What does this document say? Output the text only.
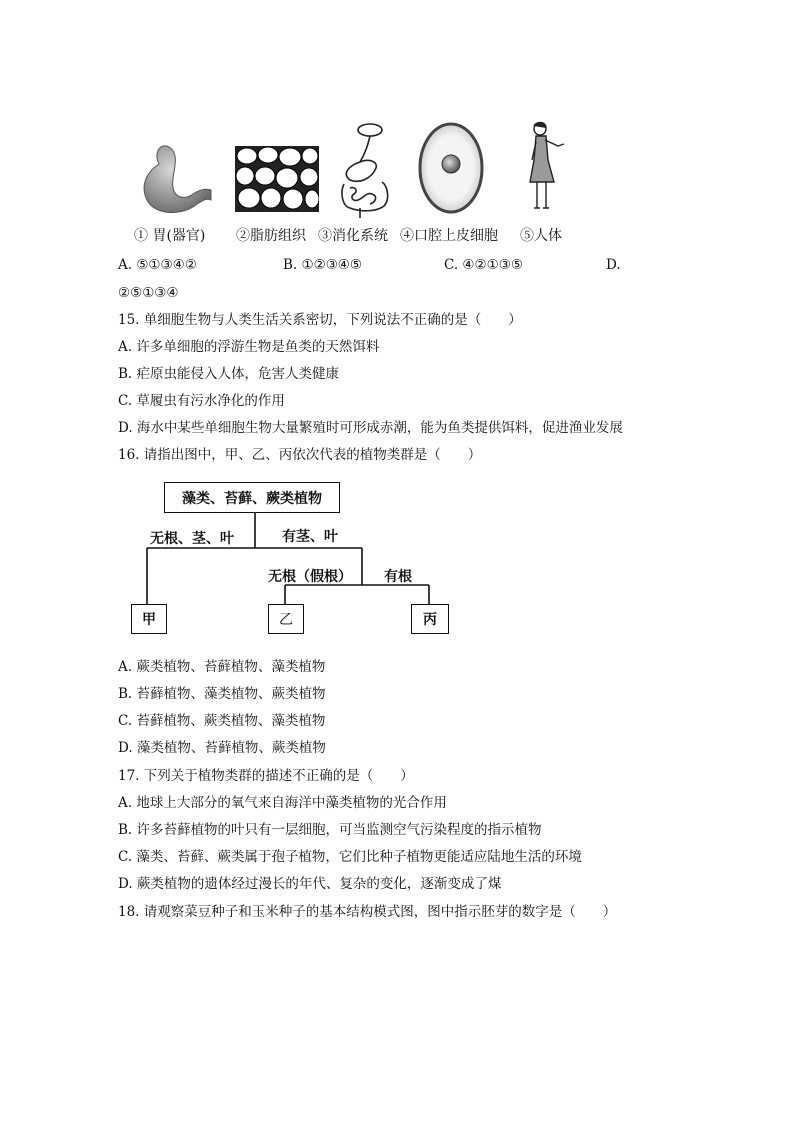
① 胃(器官) ②脂肪组织 ③消化系统 ④口腔上皮细胞 ⑤人体
A. ⑤①③④②	B. ①②③④⑤	C. ④②①③⑤	D.
②⑤①③④
15. 单细胞生物与人类生活关系密切，下列说法不正确的是（　　）
A. 许多单细胞的浮游生物是鱼类的天然饵料
B. 疟原虫能侵入人体，危害人类健康
C. 草履虫有污水净化的作用
D. 海水中某些单细胞生物大量繁殖时可形成赤潮，能为鱼类提供饵料，促进渔业发展
16. 请指出图中，甲、乙、丙依次代表的植物类群是（　　）
藻类、苔藓、蕨类植物
无根、茎、叶	有茎、叶
无根（假根） 有根
甲	乙	丙
A. 蕨类植物、苔藓植物、藻类植物
B. 苔藓植物、藻类植物、蕨类植物
C. 苔藓植物、蕨类植物、藻类植物
D. 藻类植物、苔藓植物、蕨类植物
17. 下列关于植物类群的描述不正确的是（　　）
A. 地球上大部分的氧气来自海洋中藻类植物的光合作用
B. 许多苔藓植物的叶只有一层细胞，可当监测空气污染程度的指示植物
C. 藻类、苔藓、蕨类属于孢子植物，它们比种子植物更能适应陆地生活的环境
D. 蕨类植物的遗体经过漫长的年代、复杂的变化，逐渐变成了煤
18. 请观察菜豆种子和玉米种子的基本结构模式图，图中指示胚芽的数字是（　　）
